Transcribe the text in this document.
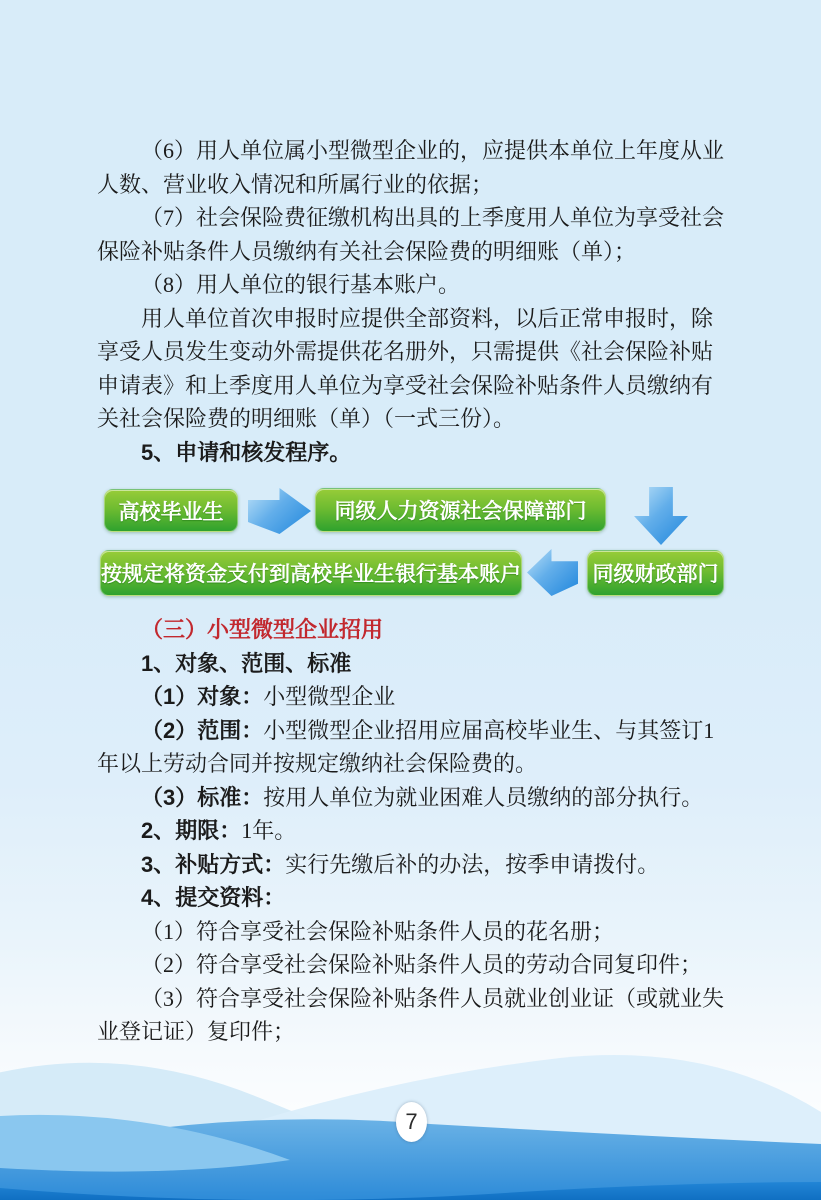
（6）用人单位属小型微型企业的，应提供本单位上年度从业人数、营业收入情况和所属行业的依据；

（7）社会保险费征缴机构出具的上季度用人单位为享受社会保险补贴条件人员缴纳有关社会保险费的明细账（单）；

（8）用人单位的银行基本账户。

用人单位首次申报时应提供全部资料，以后正常申报时，除享受人员发生变动外需提供花名册外，只需提供《社会保险补贴申请表》和上季度用人单位为享受社会保险补贴条件人员缴纳有关社会保险费的明细账（单）（一式三份）。

5、申请和核发程序。

高校毕业生	同级人力资源社会保障部门
按规定将资金支付到高校毕业生银行基本账户	同级财政部门

（三）小型微型企业招用

1、对象、范围、标准

（1）对象：小型微型企业

（2）范围：小型微型企业招用应届高校毕业生、与其签订1年以上劳动合同并按规定缴纳社会保险费的。

（3）标准：按用人单位为就业困难人员缴纳的部分执行。

2、期限：1年。

3、补贴方式：实行先缴后补的办法，按季申请拨付。

4、提交资料：

（1）符合享受社会保险补贴条件人员的花名册；

（2）符合享受社会保险补贴条件人员的劳动合同复印件；

（3）符合享受社会保险补贴条件人员就业创业证（或就业失业登记证）复印件；

7
